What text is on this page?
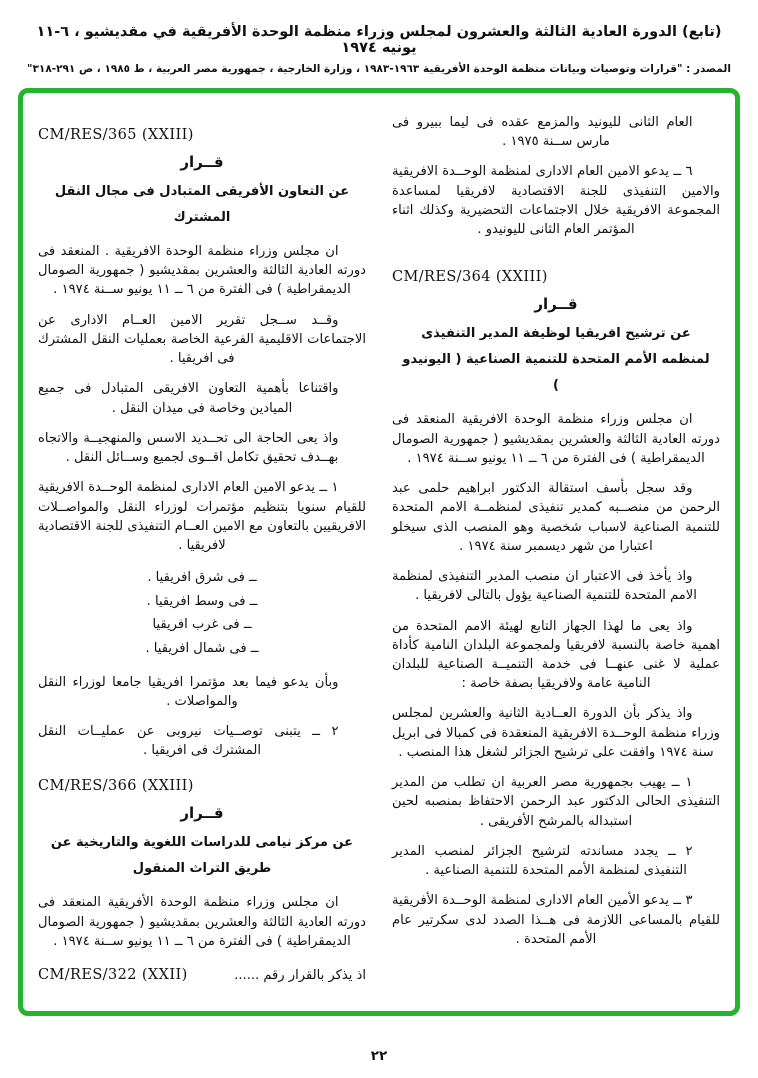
(تابع) الدورة العادية الثالثة والعشرون لمجلس وزراء منظمة الوحدة الأفريقية في مقديشيو ، ٦-١١ يونيه ١٩٧٤
المصدر : "قرارات وتوصيات وبيانات منظمة الوحدة الأفريقية ١٩٦٣-١٩٨٣ ، وزارة الخارجية ، جمهورية مصر العربية ، ط ١٩٨٥ ، ص ٢٩١-٣١٨"
العام الثانى لليونيد والمزمع عقده فى ليما ببيرو فى مارس ســنة ١٩٧٥ .
٦ ــ يدعو الامين العام الادارى لمنظمة الوحــدة الافريقية والامين التنفيذى للجنة الاقتصادية لافريقيا لمساعدة المجموعة الافريقية خلال الاجتماعات التحضيرية وكذلك اثناء المؤتمر العام الثانى لليونيدو .
CM/RES/364 (XXIII)
قــرار
عن ترشيح افريقيا لوظيفة المدير التنفيذى لمنظمه الأمم المتحدة للتنمية الصناعية ( اليونيدو )
ان مجلس وزراء منظمة الوحدة الافريقية المنعقد فى دورته العادية الثالثة والعشرين بمقديشيو ( جمهورية الصومال الديمقراطية ) فى الفترة من ٦ ــ ١١ يونيو ســنة ١٩٧٤ .
وقد سجل بأسف استقالة الدكتور ابراهيم حلمى عبد الرحمن من منصــبه كمدير تنفيذى لمنظمــة الامم المتحدة للتنمية الصناعية لاسباب شخصية وهو المنصب الذى سيخلو اعتبارا من شهر ديسمبر سنة ١٩٧٤ .
واذ يأخذ فى الاعتبار ان منصب المدير التنفيذى لمنظمة الامم المتحدة للتنمية الصناعية يؤول بالتالى لافريقيا .
واذ يعى ما لهذا الجهاز التابع لهيئة الامم المتحدة من اهمية خاصة بالنسبة لافريقيا ولمجموعة البلدان النامية كأداة عملية لا غنى عنهــا فى خدمة التنميــة الصناعية للبلدان النامية عامة ولافريقيا بصفة خاصة :
واذ يذكر بأن الدورة العــادية الثانية والعشرين لمجلس وزراء منظمة الوحــدة الافريقية المنعقدة فى كمبالا فى ابريل سنة ١٩٧٤ وافقت على ترشيح الجزائر لشغل هذا المنصب .
١ ــ يهيب بجمهورية مصر العربية ان تطلب من المدير التنفيذى الحالى الدكتور عبد الرحمن الاحتفاظ بمنصبه لحين استبداله بالمرشح الأفريقى .
٢ ــ يجدد مساندته لترشيح الجزائر لمنصب المدير التنفيذى لمنظمة الأمم المتحدة للتنمية الصناعية .
٣ ــ يدعو الأمين العام الادارى لمنظمة الوحــدة الأفريقية للقيام بالمساعى اللازمة فى هــذا الصدد لدى سكرتير عام الأمم المتحدة .
CM/RES/365 (XXIII)
قــرار
عن التعاون الأفريقى المتبادل فى مجال النقل المشترك
ان مجلس وزراء منظمة الوحدة الافريقية . المنعقد فى دورته العادية الثالثة والعشرين بمقديشيو ( جمهورية الصومال الديمقراطية ) فى الفترة من ٦ ــ ١١ يونيو ســنة ١٩٧٤ .
وقــد ســجل تقرير الامين العــام الادارى عن الاجتماعات الاقليمية الفرعية الخاصة بعمليات النقل المشترك فى افريقيا .
واقتناعا بأهمية التعاون الافريقى المتبادل فى جميع الميادين وخاصة فى ميدان النقل .
واذ يعى الحاجة الى تحــديد الاسس والمنهجيــة والاتجاه بهــدف تحقيق تكامل اقــوى لجميع وســائل النقل .
١ ــ يدعو الامين العام الادارى لمنظمة الوحــدة الافريقية للقيام سنويا بتنظيم مؤتمرات لوزراء النقل والمواصــلات الافريقيين بالتعاون مع الامين العــام التنفيذى للجنة الاقتصادية لافريقيا .
ــ فى شرق افريقيا .
ــ فى وسط افريقيا .
ــ فى غرب افريقيا
ــ فى شمال افريقيا .
وبأن يدعو فيما بعد مؤتمرا افريقيا جامعا لوزراء النقل والمواصلات .
٢ ــ يتبنى توصــيات نيروبى عن عمليــات النقل المشترك فى افريقيا .
CM/RES/366 (XXIII)
قــرار
عن مركز نيامى للدراسات اللغوية والتاريخية عن طريق التراث المنقول
ان مجلس وزراء منظمة الوحدة الأفريقية المنعقد فى دورته العادية الثالثة والعشرين بمقديشيو ( جمهورية الصومال الديمقراطية ) فى الفترة من ٦ ــ ١١ يونيو ســنة ١٩٧٤ .
اذ يذكر بالقرار رقم ......
CM/RES/322 (XXII)
٢٢
